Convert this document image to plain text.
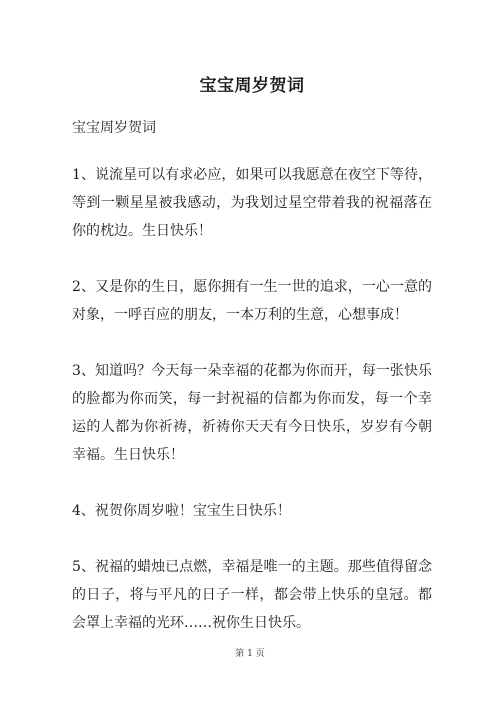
宝宝周岁贺词

宝宝周岁贺词

1、说流星可以有求必应，如果可以我愿意在夜空下等待，等到一颗星星被我感动，为我划过星空带着我的祝福落在你的枕边。生日快乐！

2、又是你的生日，愿你拥有一生一世的追求，一心一意的对象，一呼百应的朋友，一本万利的生意，心想事成！

3、知道吗？今天每一朵幸福的花都为你而开，每一张快乐的脸都为你而笑，每一封祝福的信都为你而发，每一个幸运的人都为你祈祷，祈祷你天天有今日快乐，岁岁有今朝幸福。生日快乐！

4、祝贺你周岁啦！宝宝生日快乐！

5、祝福的蜡烛已点燃，幸福是唯一的主题。那些值得留念的日子，将与平凡的日子一样，都会带上快乐的皇冠。都会罩上幸福的光环……祝你生日快乐。

第 1 页
